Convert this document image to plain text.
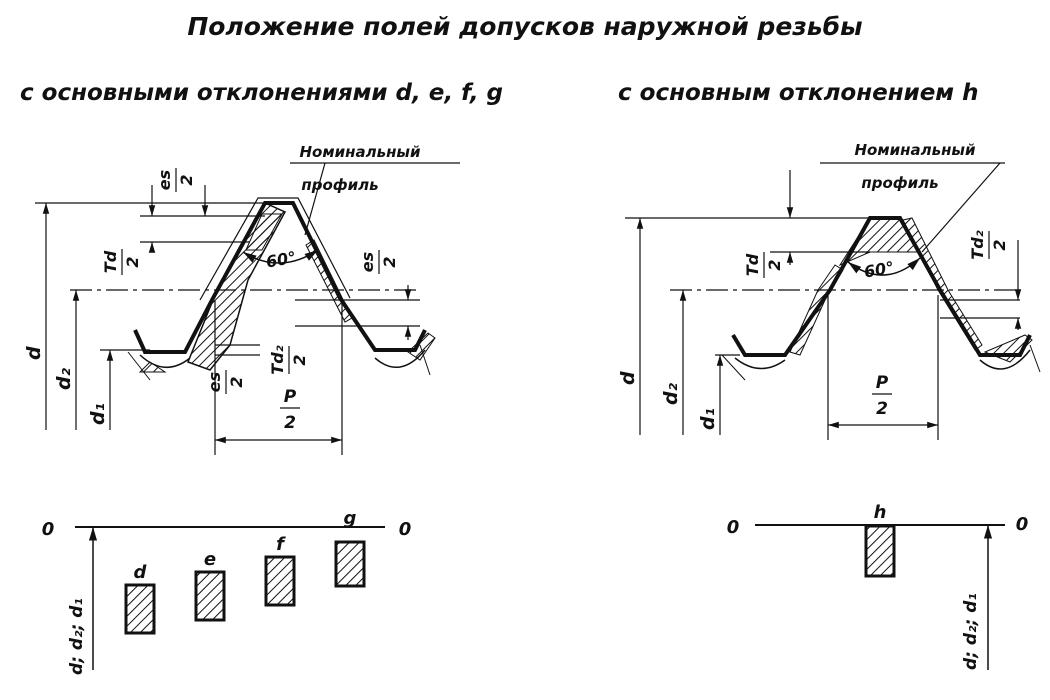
Положение полей допусков наружной резьбы
с основными отклонениями d, e, f, g	с основным отклонением h
Номинальный
профиль
60°
es 2
Td 2	es 2
es 2
Td₂ 2
P
2
d
d₂
d₁
Номинальный
профиль
60°
Td 2
Td₂ 2
P
2
d
d₂
d₁
0	0
d; d₂; d₁
d
e
f
g	0	0
d; d₂; d₁
h
